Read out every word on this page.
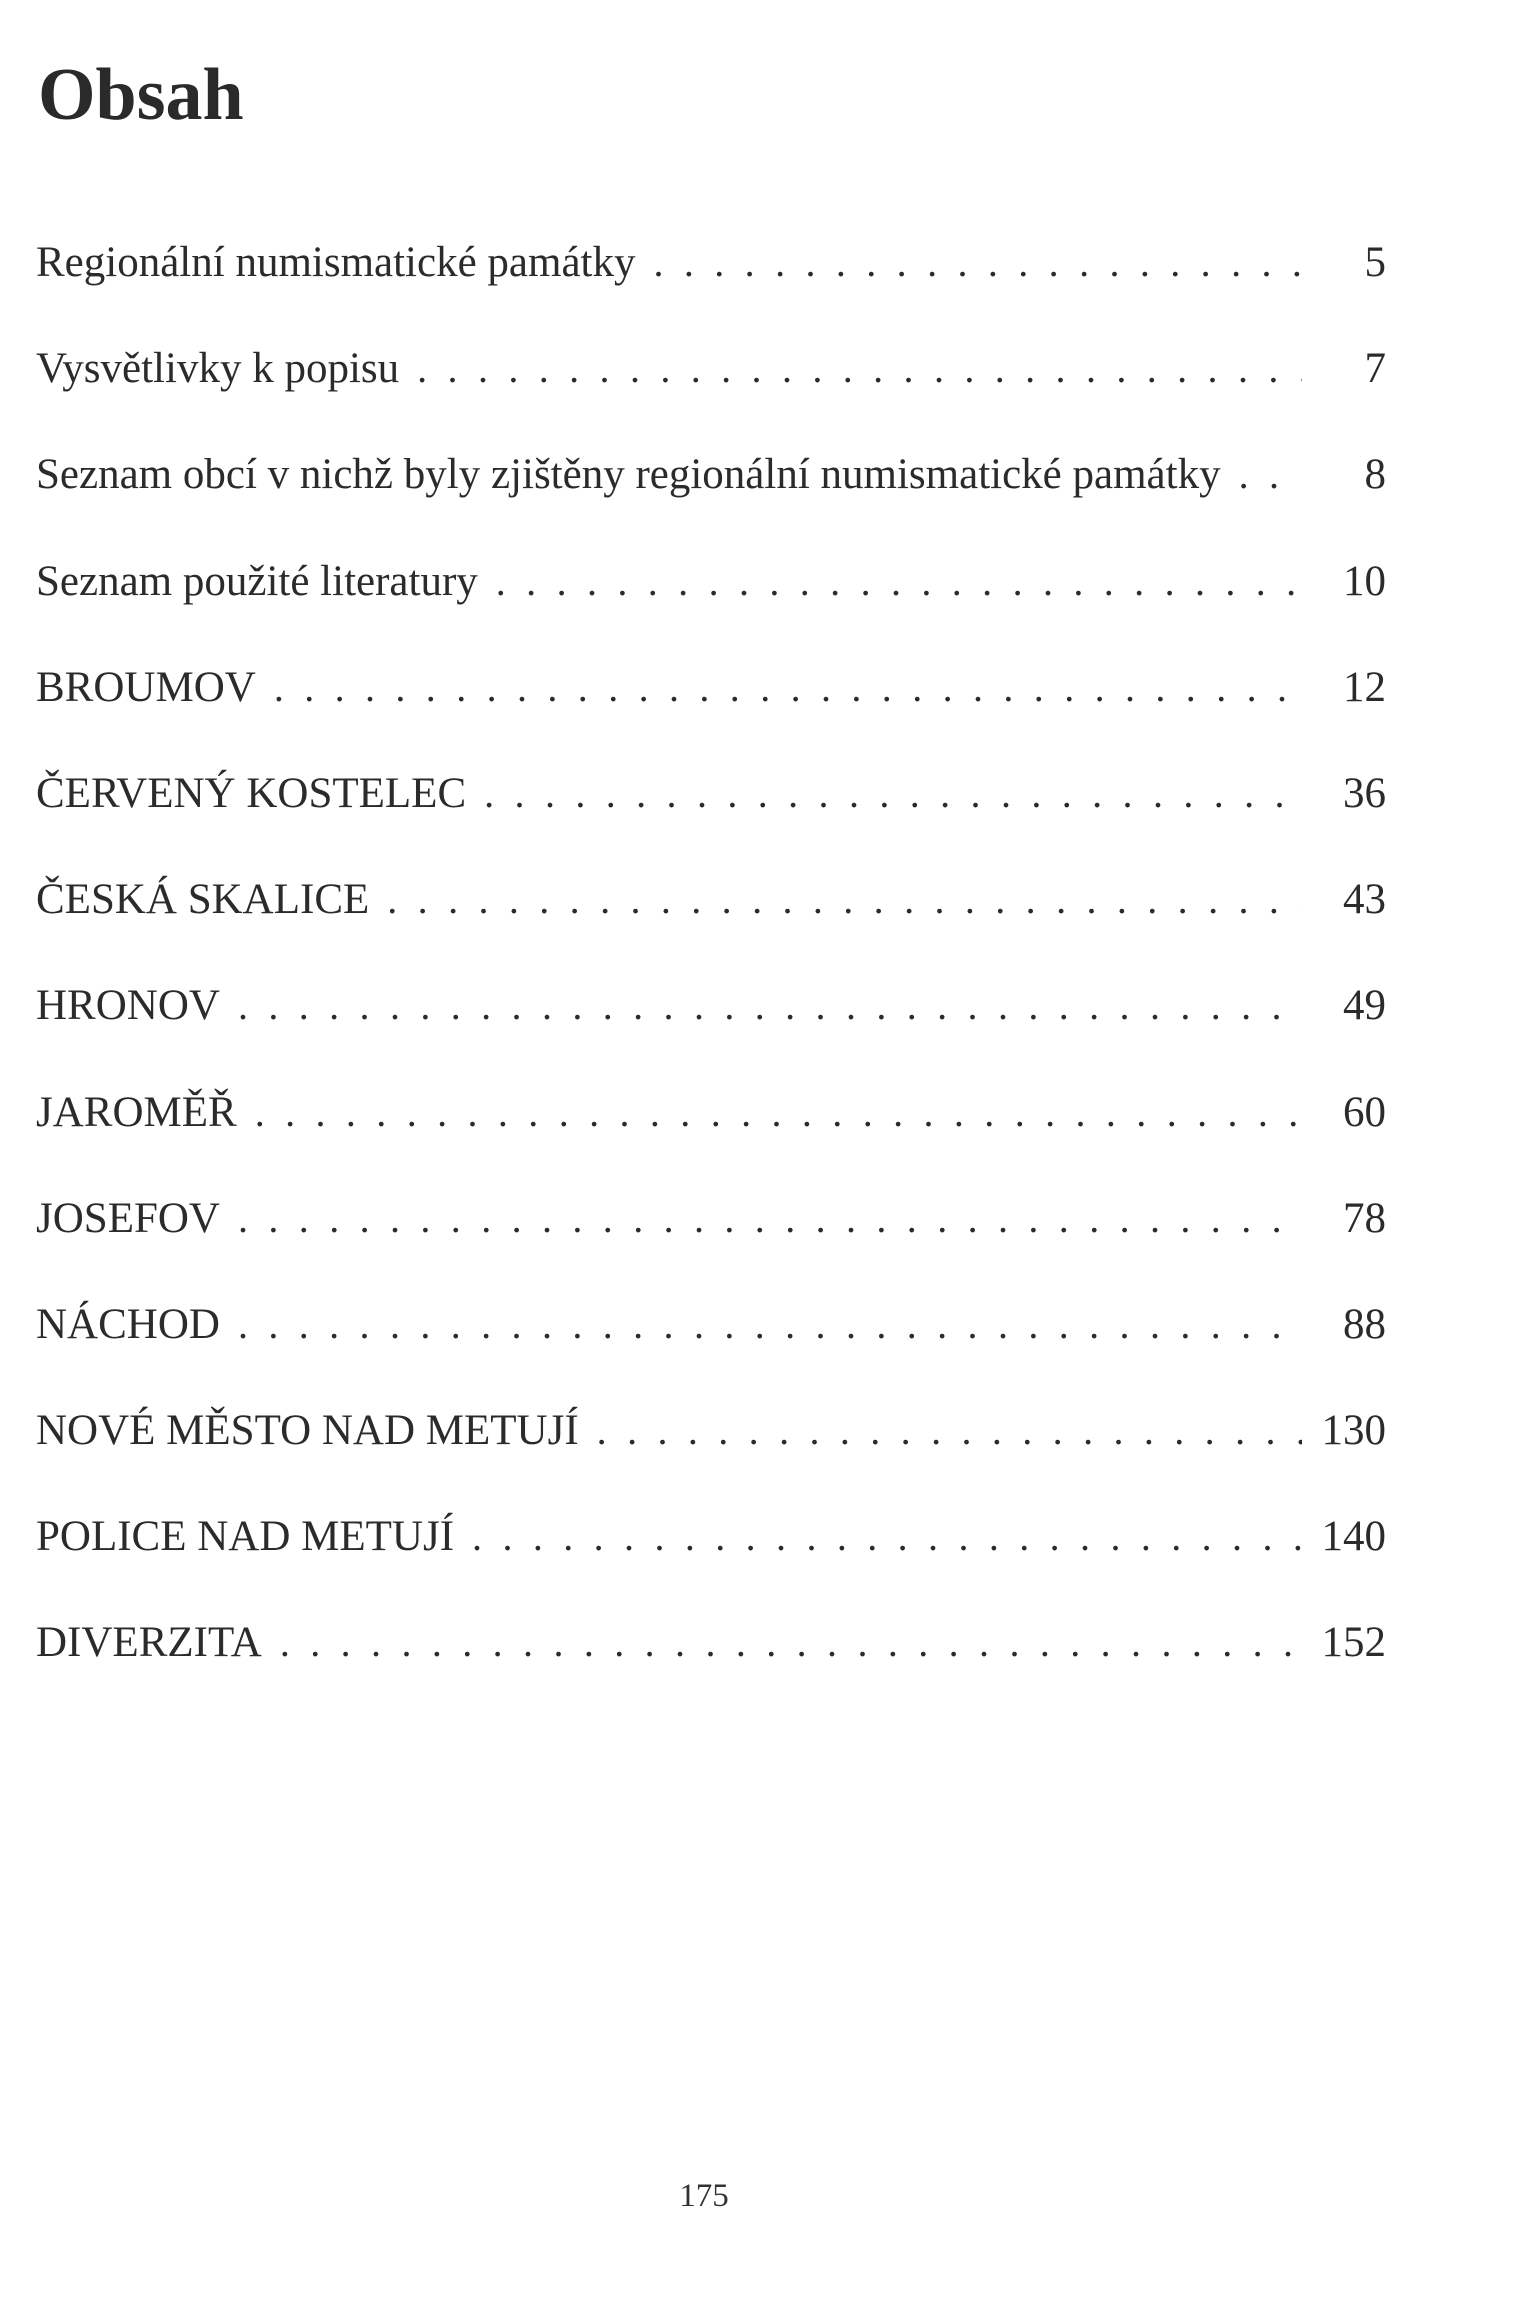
Obsah
Regionální numismatické památky . . .	5
Vysvětlivky k popisu . . .	7
Seznam obcí v nichž byly zjištěny regionální numismatické památky . . .	8
Seznam použité literatury . . .	10
BROUMOV . . .	12
ČERVENÝ KOSTELEC . . .	36
ČESKÁ SKALICE . . .	43
HRONOV . . .	49
JAROMĚŘ . . .	60
JOSEFOV . . .	78
NÁCHOD . . .	88
NOVÉ MĚSTO NAD METUJÍ . . .	130
POLICE NAD METUJÍ . . .	140
DIVERZITA . . .	152
175
